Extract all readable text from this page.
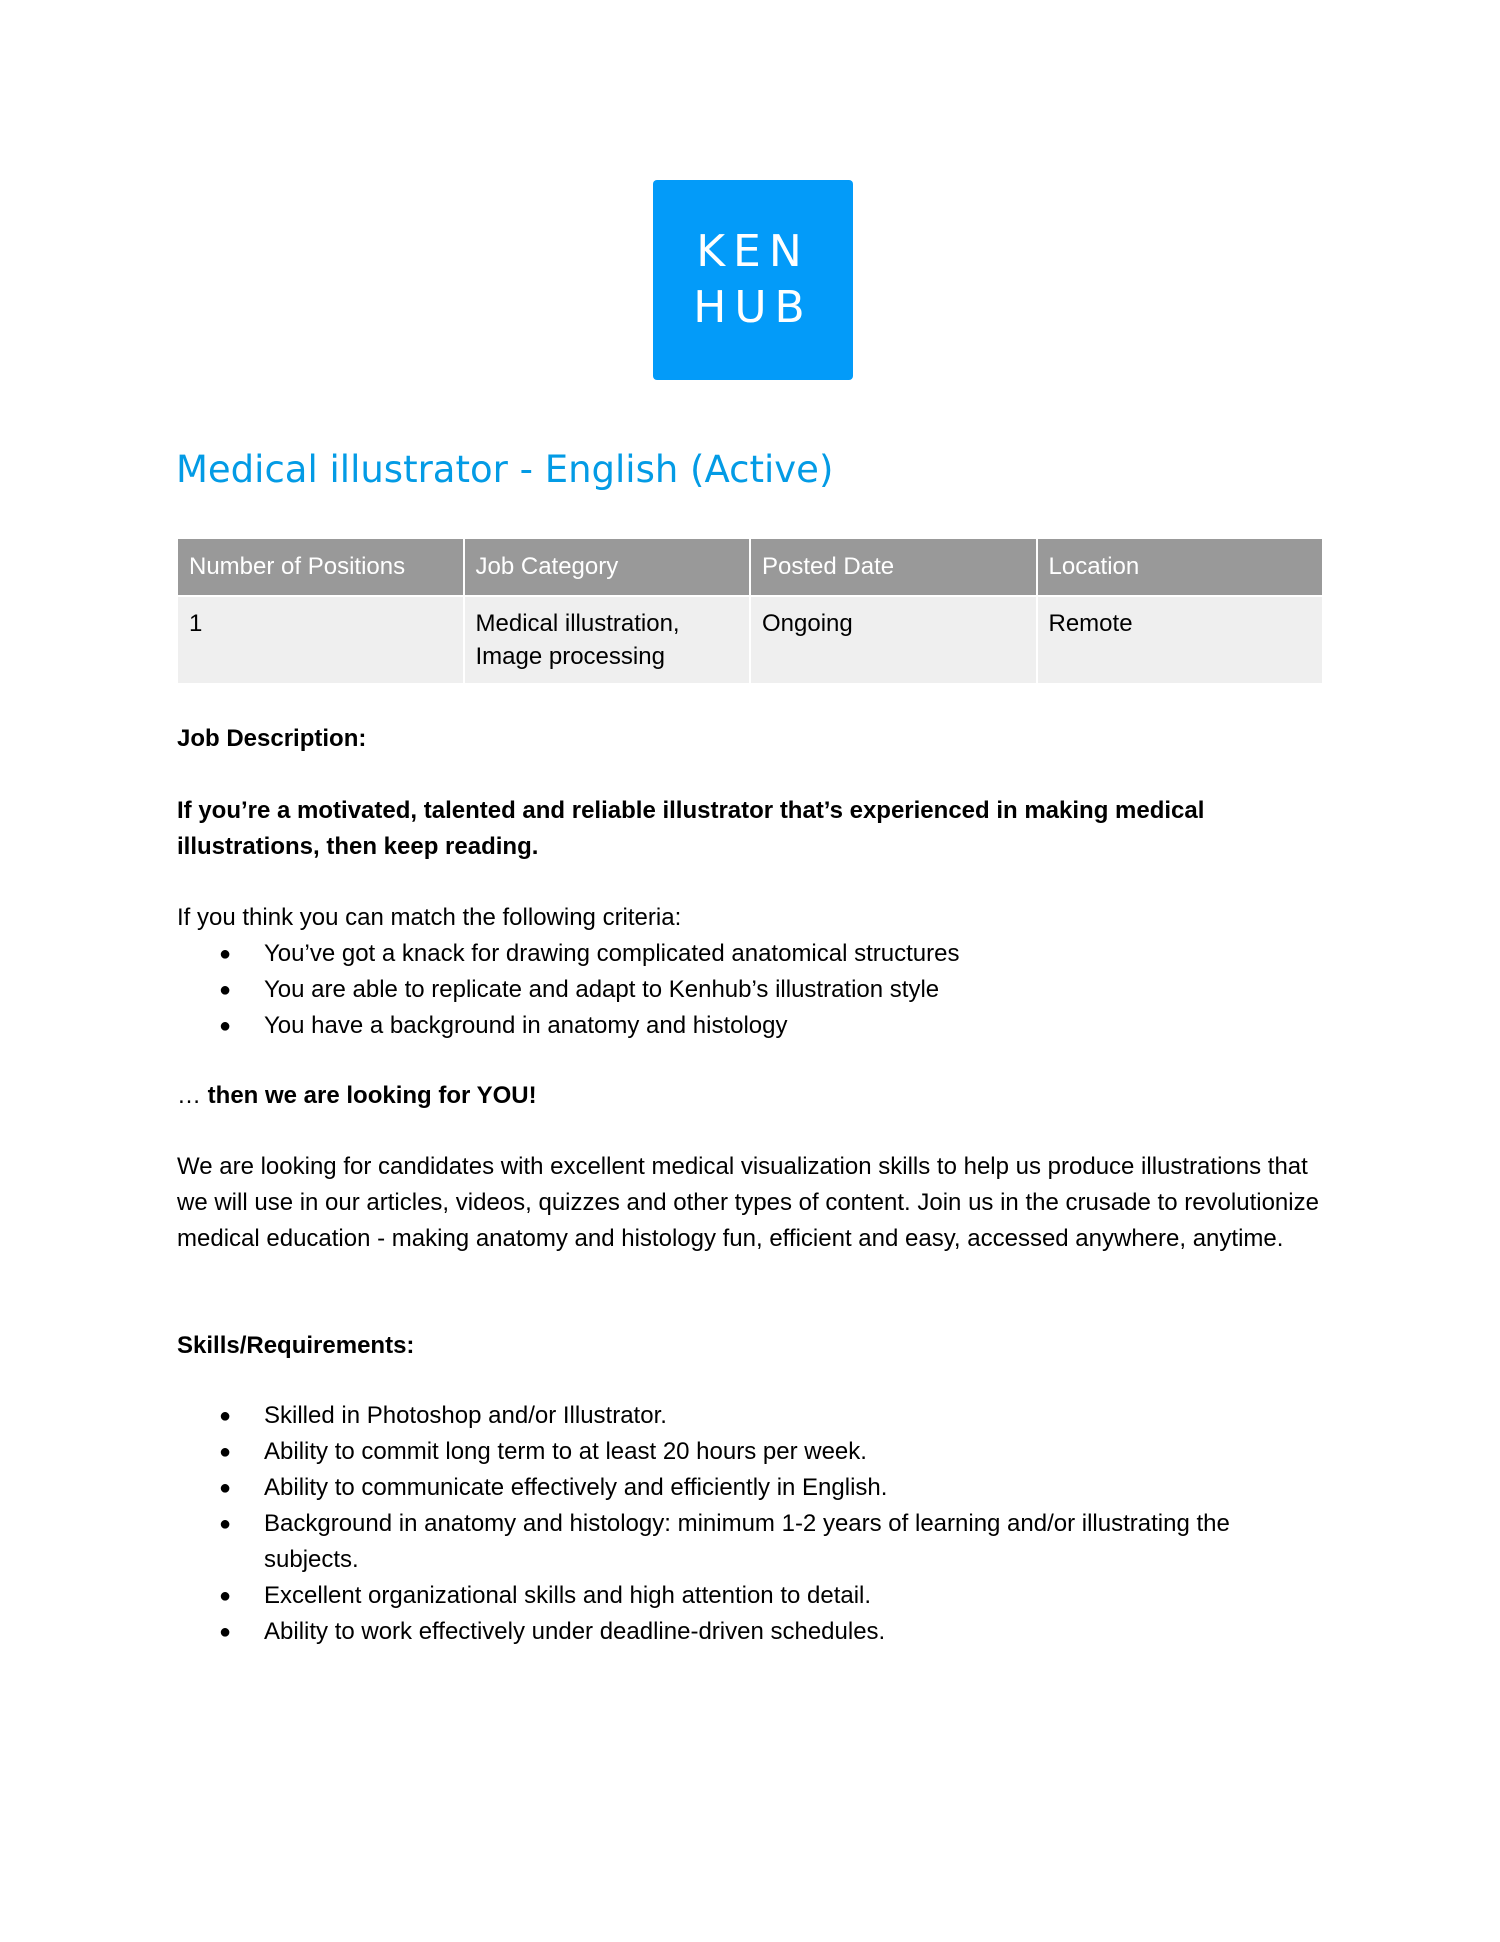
KEN
HUB
Medical illustrator - English (Active)
Number of Positions	Job Category	Posted Date	Location
1	Medical illustration, Image processing	Ongoing	Remote
Job Description:
If you’re a motivated, talented and reliable illustrator that’s experienced in making medical illustrations, then keep reading.
If you think you can match the following criteria:
● You’ve got a knack for drawing complicated anatomical structures
● You are able to replicate and adapt to Kenhub’s illustration style
● You have a background in anatomy and histology
… then we are looking for YOU!
We are looking for candidates with excellent medical visualization skills to help us produce illustrations that we will use in our articles, videos, quizzes and other types of content. Join us in the crusade to revolutionize medical education - making anatomy and histology fun, efficient and easy, accessed anywhere, anytime.
Skills/Requirements:
● Skilled in Photoshop and/or Illustrator.
● Ability to commit long term to at least 20 hours per week.
● Ability to communicate effectively and efficiently in English.
● Background in anatomy and histology: minimum 1-2 years of learning and/or illustrating the subjects.
● Excellent organizational skills and high attention to detail.
● Ability to work effectively under deadline-driven schedules.
